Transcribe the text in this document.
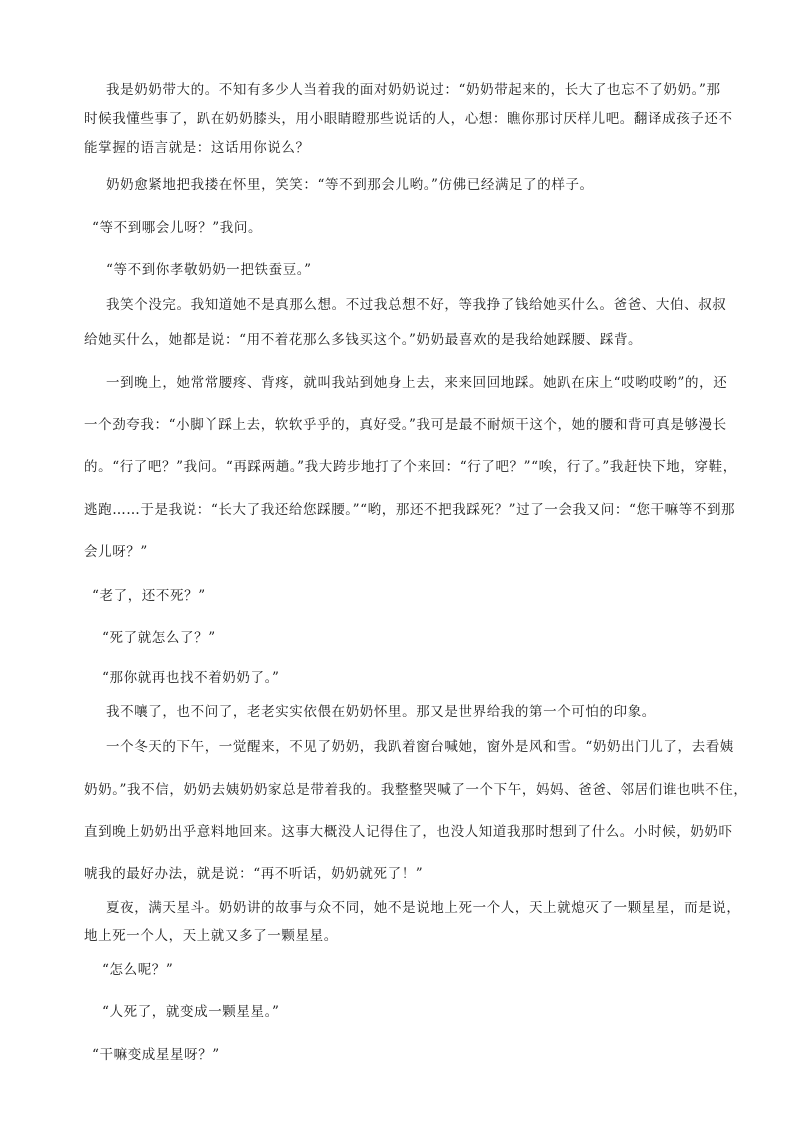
我是奶奶带大的。不知有多少人当着我的面对奶奶说过：“奶奶带起来的，长大了也忘不了奶奶。”那
时候我懂些事了，趴在奶奶膝头，用小眼睛瞪那些说话的人，心想：瞧你那讨厌样儿吧。翻译成孩子还不
能掌握的语言就是：这话用你说么？
奶奶愈紧地把我搂在怀里，笑笑：“等不到那会儿哟。”仿佛已经满足了的样子。
“等不到哪会儿呀？”我问。
“等不到你孝敬奶奶一把铁蚕豆。”
我笑个没完。我知道她不是真那么想。不过我总想不好，等我挣了钱给她买什么。爸爸、大伯、叔叔
给她买什么，她都是说：“用不着花那么多钱买这个。”奶奶最喜欢的是我给她踩腰、踩背。
一到晚上，她常常腰疼、背疼，就叫我站到她身上去，来来回回地踩。她趴在床上“哎哟哎哟”的，还
一个劲夸我：“小脚丫踩上去，软软乎乎的，真好受。”我可是最不耐烦干这个，她的腰和背可真是够漫长
的。“行了吧？”我问。“再踩两趟。”我大跨步地打了个来回：“行了吧？”“唉，行了。”我赶快下地，穿鞋，
逃跑……于是我说：“长大了我还给您踩腰。”“哟，那还不把我踩死？”过了一会我又问：“您干嘛等不到那
会儿呀？”
“老了，还不死？”
“死了就怎么了？”
“那你就再也找不着奶奶了。”
我不嚷了，也不问了，老老实实依偎在奶奶怀里。那又是世界给我的第一个可怕的印象。
一个冬天的下午，一觉醒来，不见了奶奶，我趴着窗台喊她，窗外是风和雪。“奶奶出门儿了，去看姨
奶奶。”我不信，奶奶去姨奶奶家总是带着我的。我整整哭喊了一个下午，妈妈、爸爸、邻居们谁也哄不住，
直到晚上奶奶出乎意料地回来。这事大概没人记得住了，也没人知道我那时想到了什么。小时候，奶奶吓
唬我的最好办法，就是说：“再不听话，奶奶就死了！”
夏夜，满天星斗。奶奶讲的故事与众不同，她不是说地上死一个人，天上就熄灭了一颗星星，而是说，
地上死一个人，天上就又多了一颗星星。
“怎么呢？”
“人死了，就变成一颗星星。”
“干嘛变成星星呀？”
